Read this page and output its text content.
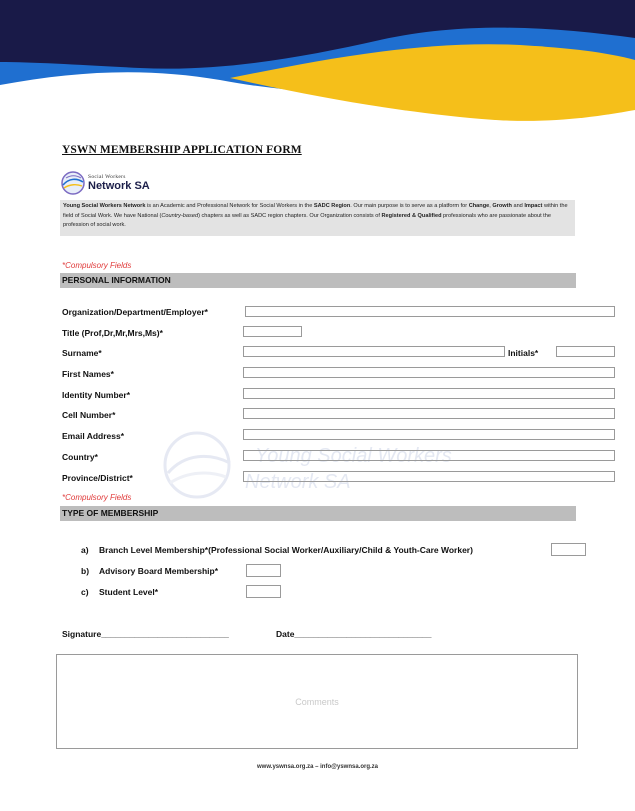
YSWN MEMBERSHIP APPLICATION FORM
Social Workers
Network SA
Young Social Workers Network is an Academic and Professional Network for Social Workers in the SADC Region. Our main purpose is to serve as a platform for Change, Growth and Impact within the field of Social Work. We have National (Country-based) chapters as well as SADC region chapters. Our Organization consists of Registered & Qualified professionals who are passionate about the profession of social work.
Young Social Workers
Network SA
*Compulsory Fields
PERSONAL INFORMATION
Organization/Department/Employer*
Title (Prof,Dr,Mr,Mrs,Ms)*
Surname*	Initials*
First Names*
Identity Number*
Cell Number*
Email Address*
Country*
Province/District*
*Compulsory Fields
TYPE OF MEMBERSHIP
a) Branch Level Membership*(Professional Social Worker/Auxiliary/Child & Youth-Care Worker)
b) Advisory Board Membership*
c) Student Level*
Signature___________________________	Date_____________________________
Comments
www.yswnsa.org.za – info@yswnsa.org.za
